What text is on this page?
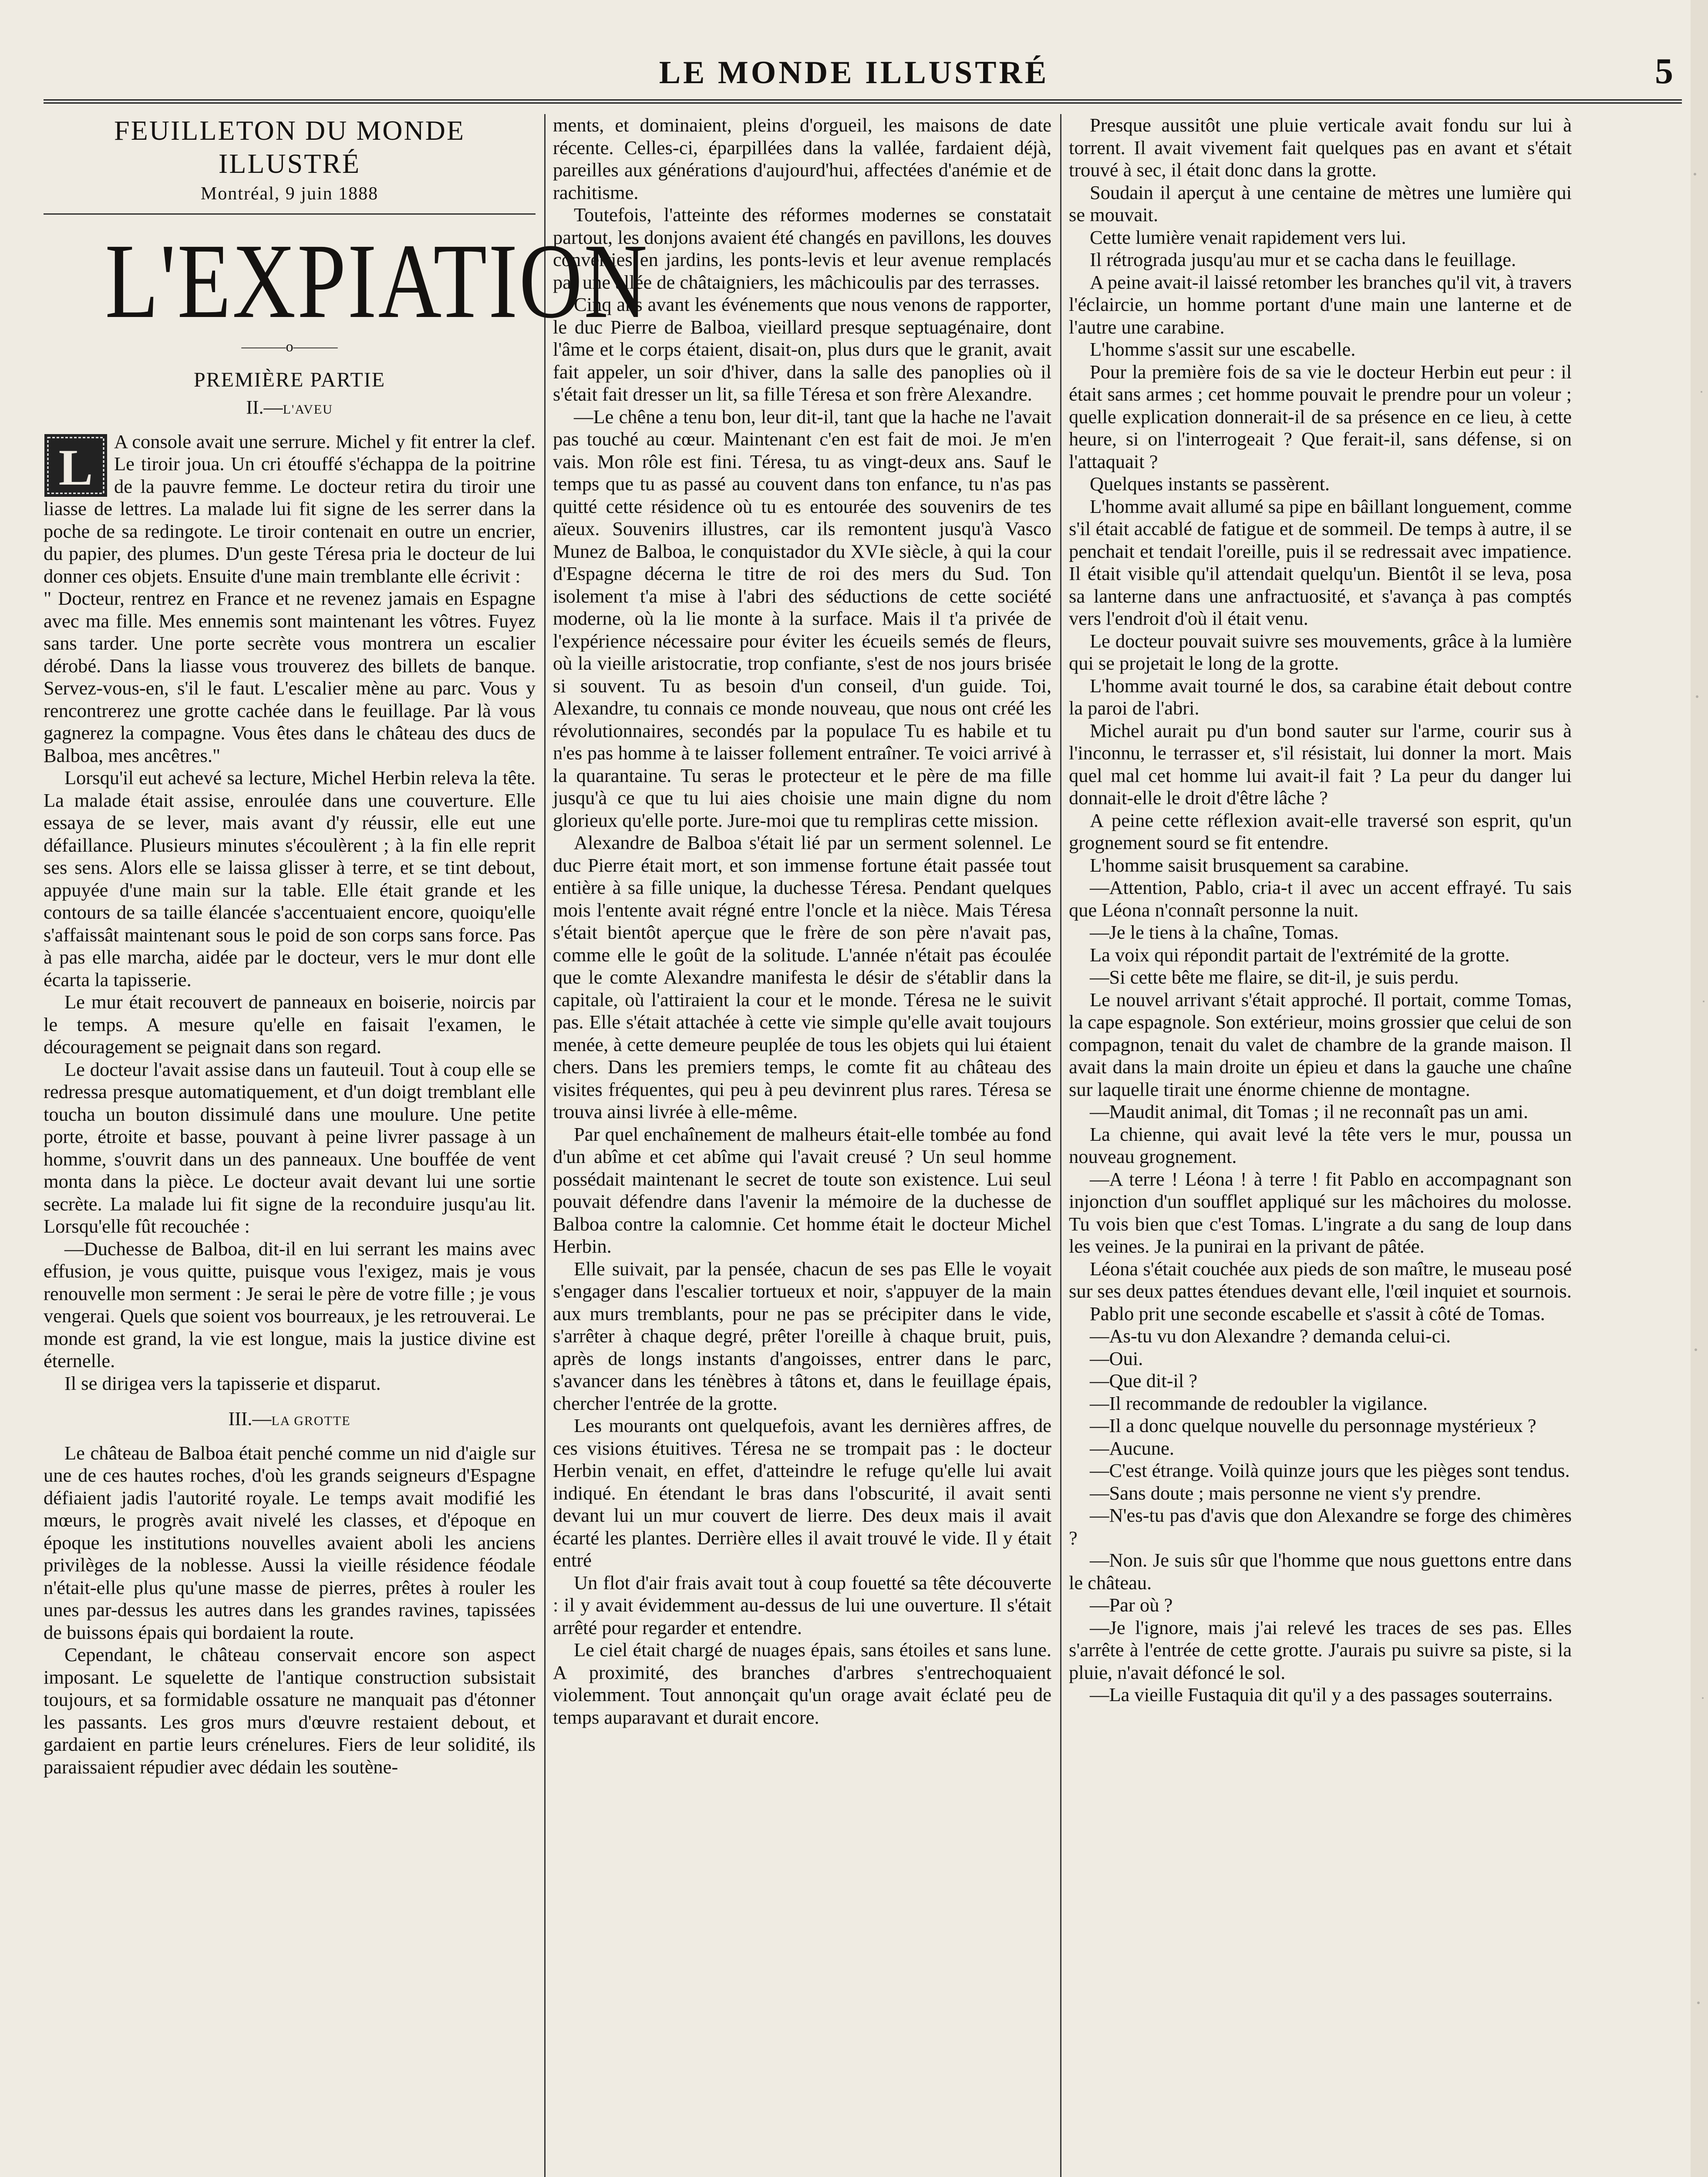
LE MONDE ILLUSTRÉ	5

FEUILLETON DU MONDE ILLUSTRÉ

Montréal, 9 juin 1888

L'EXPIATION

———o———

PREMIÈRE PARTIE

II.—L'AVEU

L A console avait une serrure. Michel y fit entrer la clef. Le tiroir joua. Un cri étouffé s'échappa de la poitrine de la pauvre femme. Le docteur retira du tiroir une liasse de lettres. La malade lui fit signe de les serrer dans la poche de sa redingote. Le tiroir contenait en outre un encrier, du papier, des plumes. D'un geste Téresa pria le docteur de lui donner ces objets. Ensuite d'une main tremblante elle écrivit :

" Docteur, rentrez en France et ne revenez jamais en Espagne avec ma fille. Mes ennemis sont maintenant les vôtres. Fuyez sans tarder. Une porte secrète vous montrera un escalier dérobé. Dans la liasse vous trouverez des billets de banque. Servez-vous-en, s'il le faut. L'escalier mène au parc. Vous y rencontrerez une grotte cachée dans le feuillage. Par là vous gagnerez la compagne. Vous êtes dans le château des ducs de Balboa, mes ancêtres."

Lorsqu'il eut achevé sa lecture, Michel Herbin releva la tête. La malade était assise, enroulée dans une couverture. Elle essaya de se lever, mais avant d'y réussir, elle eut une défaillance. Plusieurs minutes s'écoulèrent ; à la fin elle reprit ses sens. Alors elle se laissa glisser à terre, et se tint debout, appuyée d'une main sur la table. Elle était grande et les contours de sa taille élancée s'accentuaient encore, quoiqu'elle s'affaissât maintenant sous le poid de son corps sans force. Pas à pas elle marcha, aidée par le docteur, vers le mur dont elle écarta la tapisserie.

Le mur était recouvert de panneaux en boiserie, noircis par le temps. A mesure qu'elle en faisait l'examen, le découragement se peignait dans son regard.

Le docteur l'avait assise dans un fauteuil. Tout à coup elle se redressa presque automatiquement, et d'un doigt tremblant elle toucha un bouton dissimulé dans une moulure. Une petite porte, étroite et basse, pouvant à peine livrer passage à un homme, s'ouvrit dans un des panneaux. Une bouffée de vent monta dans la pièce. Le docteur avait devant lui une sortie secrète. La malade lui fit signe de la reconduire jusqu'au lit. Lorsqu'elle fût recouchée :

—Duchesse de Balboa, dit-il en lui serrant les mains avec effusion, je vous quitte, puisque vous l'exigez, mais je vous renouvelle mon serment : Je serai le père de votre fille ; je vous vengerai. Quels que soient vos bourreaux, je les retrouverai. Le monde est grand, la vie est longue, mais la justice divine est éternelle.

Il se dirigea vers la tapisserie et disparut.

III.—LA GROTTE

Le château de Balboa était penché comme un nid d'aigle sur une de ces hautes roches, d'où les grands seigneurs d'Espagne défiaient jadis l'autorité royale. Le temps avait modifié les mœurs, le progrès avait nivelé les classes, et d'époque en époque les institutions nouvelles avaient aboli les anciens privilèges de la noblesse. Aussi la vieille résidence féodale n'était-elle plus qu'une masse de pierres, prêtes à rouler les unes par-dessus les autres dans les grandes ravines, tapissées de buissons épais qui bordaient la route.

Cependant, le château conservait encore son aspect imposant. Le squelette de l'antique construction subsistait toujours, et sa formidable ossature ne manquait pas d'étonner les passants. Les gros murs d'œuvre restaient debout, et gardaient en partie leurs crénelures. Fiers de leur solidité, ils paraissaient répudier avec dédain les soutène-

ments, et dominaient, pleins d'orgueil, les maisons de date récente. Celles-ci, éparpillées dans la vallée, fardaient déjà, pareilles aux générations d'aujourd'hui, affectées d'anémie et de rachitisme.

Toutefois, l'atteinte des réformes modernes se constatait partout, les donjons avaient été changés en pavillons, les douves converties en jardins, les ponts-levis et leur avenue remplacés par une allée de châtaigniers, les mâchicoulis par des terrasses.

Cinq ans avant les événements que nous venons de rapporter, le duc Pierre de Balboa, vieillard presque septuagénaire, dont l'âme et le corps étaient, disait-on, plus durs que le granit, avait fait appeler, un soir d'hiver, dans la salle des panoplies où il s'était fait dresser un lit, sa fille Téresa et son frère Alexandre.

—Le chêne a tenu bon, leur dit-il, tant que la hache ne l'avait pas touché au cœur. Maintenant c'en est fait de moi. Je m'en vais. Mon rôle est fini. Téresa, tu as vingt-deux ans. Sauf le temps que tu as passé au couvent dans ton enfance, tu n'as pas quitté cette résidence où tu es entourée des souvenirs de tes aïeux. Souvenirs illustres, car ils remontent jusqu'à Vasco Munez de Balboa, le conquistador du XVIe siècle, à qui la cour d'Espagne décerna le titre de roi des mers du Sud. Ton isolement t'a mise à l'abri des séductions de cette société moderne, où la lie monte à la surface. Mais il t'a privée de l'expérience nécessaire pour éviter les écueils semés de fleurs, où la vieille aristocratie, trop confiante, s'est de nos jours brisée si souvent. Tu as besoin d'un conseil, d'un guide. Toi, Alexandre, tu connais ce monde nouveau, que nous ont créé les révolutionnaires, secondés par la populace Tu es habile et tu n'es pas homme à te laisser follement entraîner. Te voici arrivé à la quarantaine. Tu seras le protecteur et le père de ma fille jusqu'à ce que tu lui aies choisie une main digne du nom glorieux qu'elle porte. Jure-moi que tu rempliras cette mission.

Alexandre de Balboa s'était lié par un serment solennel. Le duc Pierre était mort, et son immense fortune était passée tout entière à sa fille unique, la duchesse Téresa. Pendant quelques mois l'entente avait régné entre l'oncle et la nièce. Mais Téresa s'était bientôt aperçue que le frère de son père n'avait pas, comme elle le goût de la solitude. L'année n'était pas écoulée que le comte Alexandre manifesta le désir de s'établir dans la capitale, où l'attiraient la cour et le monde. Téresa ne le suivit pas. Elle s'était attachée à cette vie simple qu'elle avait toujours menée, à cette demeure peuplée de tous les objets qui lui étaient chers. Dans les premiers temps, le comte fit au château des visites fréquentes, qui peu à peu devinrent plus rares. Téresa se trouva ainsi livrée à elle-même.

Par quel enchaînement de malheurs était-elle tombée au fond d'un abîme et cet abîme qui l'avait creusé ? Un seul homme possédait maintenant le secret de toute son existence. Lui seul pouvait défendre dans l'avenir la mémoire de la duchesse de Balboa contre la calomnie. Cet homme était le docteur Michel Herbin.

Elle suivait, par la pensée, chacun de ses pas Elle le voyait s'engager dans l'escalier tortueux et noir, s'appuyer de la main aux murs tremblants, pour ne pas se précipiter dans le vide, s'arrêter à chaque degré, prêter l'oreille à chaque bruit, puis, après de longs instants d'angoisses, entrer dans le parc, s'avancer dans les ténèbres à tâtons et, dans le feuillage épais, chercher l'entrée de la grotte.

Les mourants ont quelquefois, avant les dernières affres, de ces visions étuitives. Téresa ne se trompait pas : le docteur Herbin venait, en effet, d'atteindre le refuge qu'elle lui avait indiqué. En étendant le bras dans l'obscurité, il avait senti devant lui un mur couvert de lierre. Des deux mais il avait écarté les plantes. Derrière elles il avait trouvé le vide. Il y était entré

Un flot d'air frais avait tout à coup fouetté sa tête découverte : il y avait évidemment au-dessus de lui une ouverture. Il s'était arrêté pour regarder et entendre.

Le ciel était chargé de nuages épais, sans étoiles et sans lune. A proximité, des branches d'arbres s'entrechoquaient violemment. Tout annonçait qu'un orage avait éclaté peu de temps auparavant et durait encore.

Presque aussitôt une pluie verticale avait fondu sur lui à torrent. Il avait vivement fait quelques pas en avant et s'était trouvé à sec, il était donc dans la grotte.

Soudain il aperçut à une centaine de mètres une lumière qui se mouvait.

Cette lumière venait rapidement vers lui.

Il rétrograda jusqu'au mur et se cacha dans le feuillage.

A peine avait-il laissé retomber les branches qu'il vit, à travers l'éclaircie, un homme portant d'une main une lanterne et de l'autre une carabine.

L'homme s'assit sur une escabelle.

Pour la première fois de sa vie le docteur Herbin eut peur : il était sans armes ; cet homme pouvait le prendre pour un voleur ; quelle explication donnerait-il de sa présence en ce lieu, à cette heure, si on l'interrogeait ? Que ferait-il, sans défense, si on l'attaquait ?

Quelques instants se passèrent.

L'homme avait allumé sa pipe en bâillant longuement, comme s'il était accablé de fatigue et de sommeil. De temps à autre, il se penchait et tendait l'oreille, puis il se redressait avec impatience. Il était visible qu'il attendait quelqu'un. Bientôt il se leva, posa sa lanterne dans une anfractuosité, et s'avança à pas comptés vers l'endroit d'où il était venu.

Le docteur pouvait suivre ses mouvements, grâce à la lumière qui se projetait le long de la grotte.

L'homme avait tourné le dos, sa carabine était debout contre la paroi de l'abri.

Michel aurait pu d'un bond sauter sur l'arme, courir sus à l'inconnu, le terrasser et, s'il résistait, lui donner la mort. Mais quel mal cet homme lui avait-il fait ? La peur du danger lui donnait-elle le droit d'être lâche ?

A peine cette réflexion avait-elle traversé son esprit, qu'un grognement sourd se fit entendre.

L'homme saisit brusquement sa carabine.

—Attention, Pablo, cria-t il avec un accent effrayé. Tu sais que Léona n'connaît personne la nuit.

—Je le tiens à la chaîne, Tomas.

La voix qui répondit partait de l'extrémité de la grotte.

—Si cette bête me flaire, se dit-il, je suis perdu.

Le nouvel arrivant s'était approché. Il portait, comme Tomas, la cape espagnole. Son extérieur, moins grossier que celui de son compagnon, tenait du valet de chambre de la grande maison. Il avait dans la main droite un épieu et dans la gauche une chaîne sur laquelle tirait une énorme chienne de montagne.

—Maudit animal, dit Tomas ; il ne reconnaît pas un ami.

La chienne, qui avait levé la tête vers le mur, poussa un nouveau grognement.

—A terre ! Léona ! à terre ! fit Pablo en accompagnant son injonction d'un soufflet appliqué sur les mâchoires du molosse. Tu vois bien que c'est Tomas. L'ingrate a du sang de loup dans les veines. Je la punirai en la privant de pâtée.

Léona s'était couchée aux pieds de son maître, le museau posé sur ses deux pattes étendues devant elle, l'œil inquiet et sournois.

Pablo prit une seconde escabelle et s'assit à côté de Tomas.

—As-tu vu don Alexandre ? demanda celui-ci.

—Oui.

—Que dit-il ?

—Il recommande de redoubler la vigilance.

—Il a donc quelque nouvelle du personnage mystérieux ?

—Aucune.

—C'est étrange. Voilà quinze jours que les pièges sont tendus.

—Sans doute ; mais personne ne vient s'y prendre.

—N'es-tu pas d'avis que don Alexandre se forge des chimères ?

—Non. Je suis sûr que l'homme que nous guettons entre dans le château.

—Par où ?

—Je l'ignore, mais j'ai relevé les traces de ses pas. Elles s'arrête à l'entrée de cette grotte. J'aurais pu suivre sa piste, si la pluie, n'avait défoncé le sol.

—La vieille Fustaquia dit qu'il y a des passages souterrains.
